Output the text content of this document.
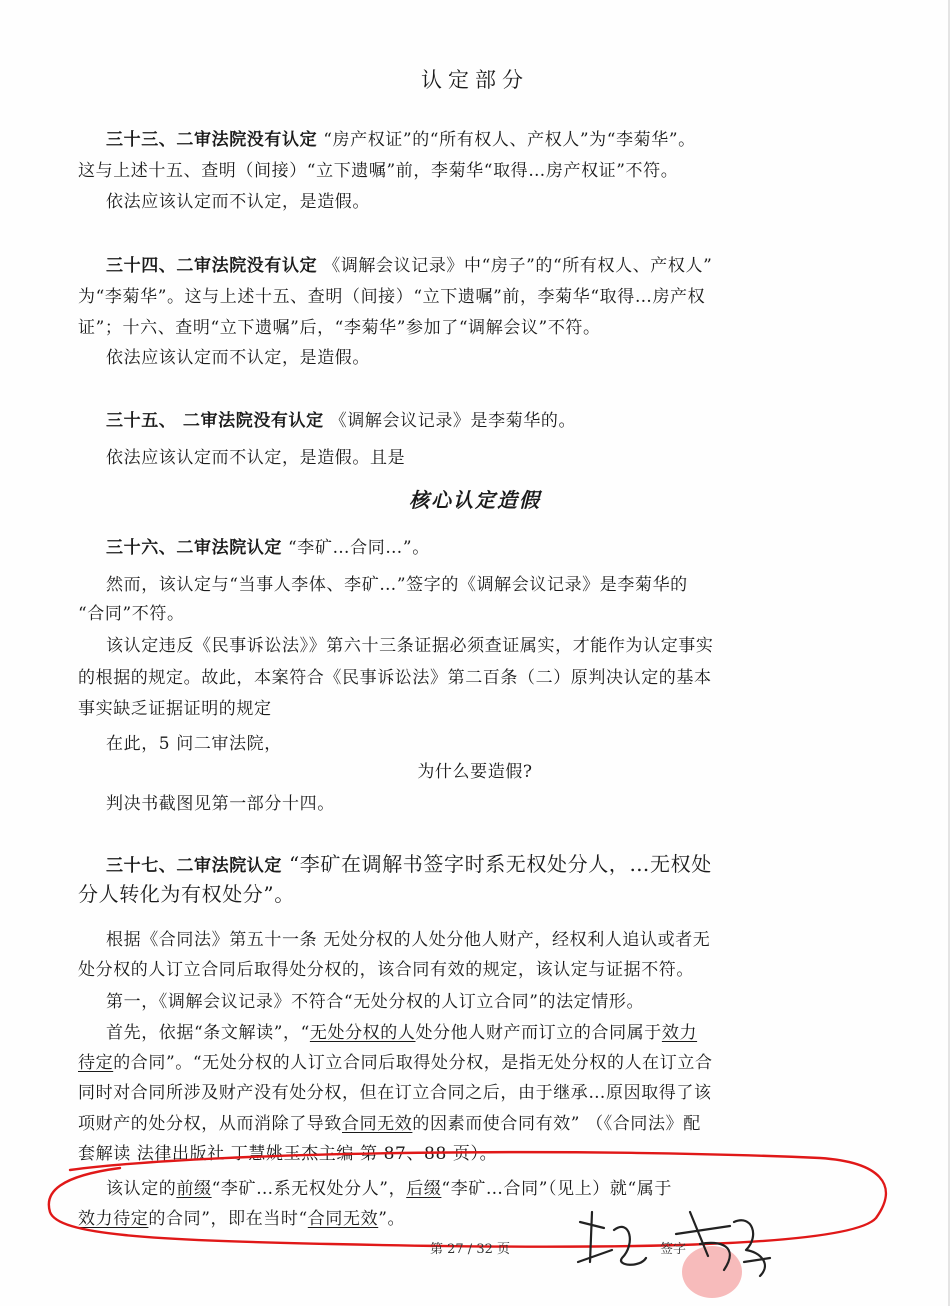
认定部分
三十三、二审法院没有认定 “房产权证”的“所有权人、产权人”为“李菊华”。
这与上述十五、查明（间接）“立下遗嘱”前，李菊华“取得…房产权证”不符。
依法应该认定而不认定，是造假。
三十四、二审法院没有认定 《调解会议记录》中“房子”的“所有权人、产权人”
为“李菊华”。这与上述十五、查明（间接）“立下遗嘱”前，李菊华“取得…房产权
证”；十六、查明“立下遗嘱”后，“李菊华”参加了“调解会议”不符。
依法应该认定而不认定，是造假。
三十五、 二审法院没有认定 《调解会议记录》是李菊华的。
依法应该认定而不认定，是造假。且是
核心认定造假
三十六、二审法院认定 “李矿…合同…”。
然而，该认定与“当事人李体、李矿…”签字的《调解会议记录》是李菊华的
“合同”不符。
该认定违反《民事诉讼法》》第六十三条证据必须查证属实，才能作为认定事实
的根据的规定。故此，本案符合《民事诉讼法》第二百条（二）原判决认定的基本
事实缺乏证据证明的规定
在此，5 问二审法院，
为什么要造假?
判决书截图见第一部分十四。
三十七、二审法院认定 “李矿在调解书签字时系无权处分人，…无权处
分人转化为有权处分”。
根据《合同法》第五十一条 无处分权的人处分他人财产，经权利人追认或者无
处分权的人订立合同后取得处分权的，该合同有效的规定，该认定与证据不符。
第一，《调解会议记录》不符合“无处分权的人订立合同”的法定情形。
首先，依据“条文解读”，“无处分权的人处分他人财产而订立的合同属于效力
待定的合同”。“无处分权的人订立合同后取得处分权，是指无处分权的人在订立合
同时对合同所涉及财产没有处分权，但在订立合同之后，由于继承…原因取得了该
项财产的处分权，从而消除了导致合同无效的因素而使合同有效” （《合同法》配
套解读 法律出版社 丁慧姚玉杰主编 第 87、88 页）。
该认定的前缀“李矿…系无权处分人”，后缀“李矿…合同”（见上）就“属于
效力待定的合同”，即在当时“合同无效”。
第 27 / 32 页	签字
